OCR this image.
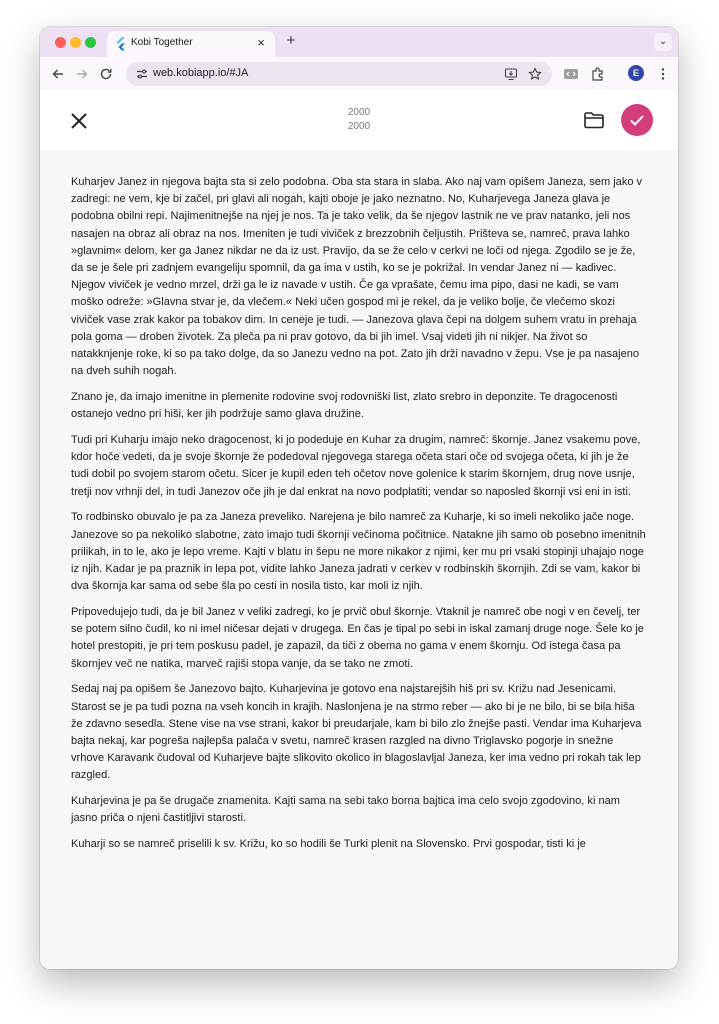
Kobi Together	× +	⌄
web.kobiapp.io/#JA	E
2000
2000

Kuharjev Janez in njegova bajta sta si zelo podobna. Oba sta stara in slaba. Ako naj vam opišem Janeza, sem jako v zadregi: ne vem, kje bi začel, pri glavi ali nogah, kajti oboje je jako neznatno. No, Kuharjevega Janeza glava je podobna obilni repi. Najimenitnejše na njej je nos. Ta je tako velik, da še njegov lastnik ne ve prav natanko, jeli nos nasajen na obraz ali obraz na nos. Imeniten je tudi viviček z brezzobnih čeljustih. Prišteva se, namreč, prava lahko »glavnim« delom, ker ga Janez nikdar ne da iz ust. Pravijo, da se že celo v cerkvi ne loči od njega. Zgodilo se je že, da se je šele pri zadnjem evangeliju spomnil, da ga ima v ustih, ko se je pokrižal. In vendar Janez ni — kadivec. Njegov viviček je vedno mrzel, drži ga le iz navade v ustih. Če ga vprašate, čemu ima pipo, dasi ne kadi, se vam moško odreže: »Glavna stvar je, da vlečem.« Neki učen gospod mi je rekel, da je veliko bolje, če vlečemo skozi viviček vase zrak kakor pa tobakov dim. In ceneje je tudi. — Janezova glava čepi na dolgem suhem vratu in prehaja pola goma — droben životek. Za pleča pa ni prav gotovo, da bi jih imel. Vsaj videti jih ni nikjer. Na život so natakknjenje roke, ki so pa tako dolge, da so Janezu vedno na pot. Zato jih drži navadno v žepu. Vse je pa nasajeno na dveh suhih nogah.

Znano je, da imajo imenitne in plemenite rodovine svoj rodovniški list, zlato srebro in deponzite. Te dragocenosti ostanejo vedno pri hiši, ker jih podržuje samo glava družine.

Tudi pri Kuharju imajo neko dragocenost, ki jo podeduje en Kuhar za drugim, namreč: škornje. Janez vsakemu pove, kdor hoče vedeti, da je svoje škornje že podedoval njegovega starega očeta stari oče od svojega očeta, ki jih je že tudi dobil po svojem starom očetu. Sicer je kupil eden teh očetov nove golenice k starim škornjem, drug nove usnje, tretji nov vrhnji del, in tudi Janezov oče jih je dal enkrat na novo podplatiti; vendar so naposled škornji vsi eni in isti.

To rodbinsko obuvalo je pa za Janeza preveliko. Narejena je bilo namreč za Kuharje, ki so imeli nekoliko jače noge. Janezove so pa nekoliko slabotne, zato imajo tudi škornji večinoma počitnice. Natakne jih samo ob posebno imenitnih prilikah, in to le, ako je lepo vreme. Kajti v blatu in šepu ne more nikakor z njimi, ker mu pri vsaki stopinji uhajajo noge iz njih. Kadar je pa praznik in lepa pot, vidite lahko Janeza jadrati v cerkev v rodbinskih škornjih. Zdi se vam, kakor bi dva škornja kar sama od sebe šla po cesti in nosila tisto, kar moli iz njih.

Pripovedujejo tudi, da je bil Janez v veliki zadregi, ko je prvič obul škornje. Vtaknil je namreč obe nogi v en čevelj, ter se potem silno čudil, ko ni imel ničesar dejati v drugega. En čas je tipal po sebi in iskal zamanj druge noge. Šele ko je hotel prestopiti, je pri tem poskusu padel, je zapazil, da tiči z obema no gama v enem škornju. Od istega časa pa škornjev več ne natika, marveč rajiši stopa vanje, da se tako ne zmoti.

Sedaj naj pa opišem še Janezovo bajto. Kuharjevina je gotovo ena najstarejših hiš pri sv. Križu nad Jesenicami. Starost se je pa tudi pozna na vseh koncih in krajih. Naslonjena je na strmo reber — ako bi je ne bilo, bi se bila hiša že zdavno sesedla. Stene vise na vse strani, kakor bi preudarjale, kam bi bilo zlo žnejše pasti. Vendar ima Kuharjeva bajta nekaj, kar pogreša najlepša palača v svetu, namreč krasen razgled na divno Triglavsko pogorje in snežne vrhove Karavank čudoval od Kuharjeve bajte slikovito okolico in blagoslavljal Janeza, ker ima vedno pri rokah tak lep razgled.

Kuharjevina je pa še drugače znamenita. Kajti sama na sebi tako borna bajtica ima celo svojo zgodovino, ki nam jasno priča o njeni častitljivi starosti.

Kuharji so se namreč priselili k sv. Križu, ko so hodili še Turki plenit na Slovensko. Prvi gospodar, tisti ki je
